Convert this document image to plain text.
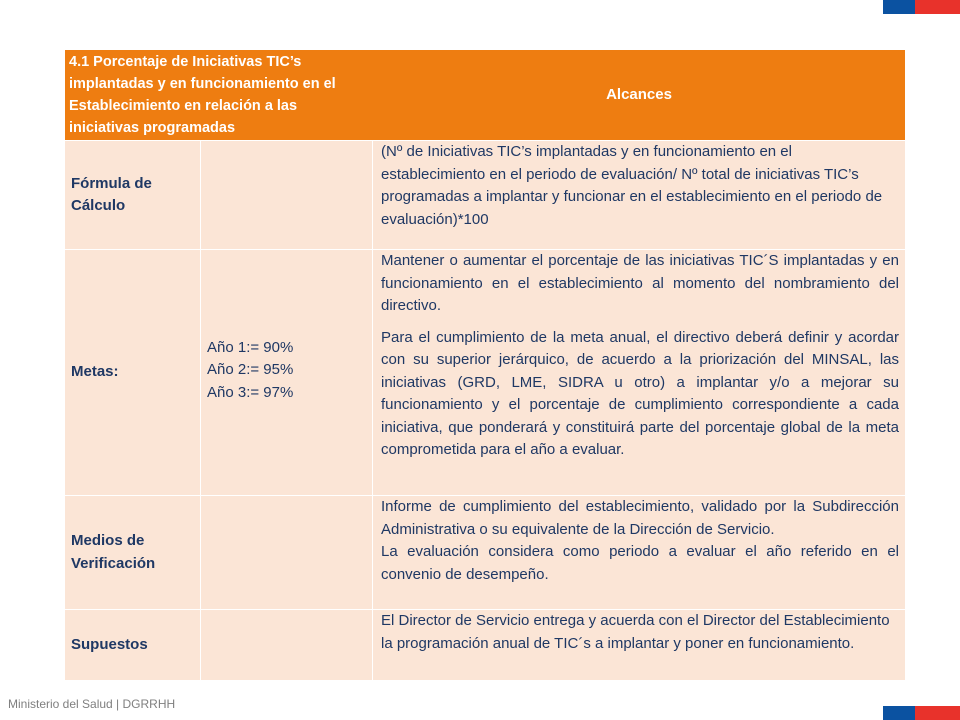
4.1 Porcentaje de Iniciativas TIC’s implantadas y en funcionamiento en el Establecimiento en relación a las iniciativas programadas
Alcances
Fórmula de Cálculo
(Nº de Iniciativas TIC’s implantadas y en funcionamiento en el establecimiento en el periodo de evaluación/ Nº total de iniciativas TIC’s programadas a implantar y funcionar en el establecimiento en el periodo de evaluación)*100
Metas:
Año 1:= 90%
Año 2:= 95%
Año 3:= 97%
Mantener o aumentar el porcentaje de las iniciativas TIC´S implantadas y en funcionamiento en el establecimiento al momento del nombramiento del directivo.
Para el cumplimiento de la meta anual, el directivo deberá definir y acordar con su superior jerárquico, de acuerdo a la priorización del MINSAL, las iniciativas (GRD, LME, SIDRA u otro) a implantar y/o a mejorar su funcionamiento y el porcentaje de cumplimiento correspondiente a cada iniciativa, que ponderará y constituirá parte del porcentaje global de la meta comprometida para el año a evaluar.
Medios de Verificación
Informe de cumplimiento del establecimiento, validado por la Subdirección Administrativa o su equivalente de la Dirección de Servicio.
La evaluación considera como periodo a evaluar el año referido en el convenio de desempeño.
Supuestos
El Director de Servicio entrega y acuerda con el Director del Establecimiento la programación anual de TIC´s a implantar y poner en funcionamiento.
Ministerio del Salud | DGRRHH
